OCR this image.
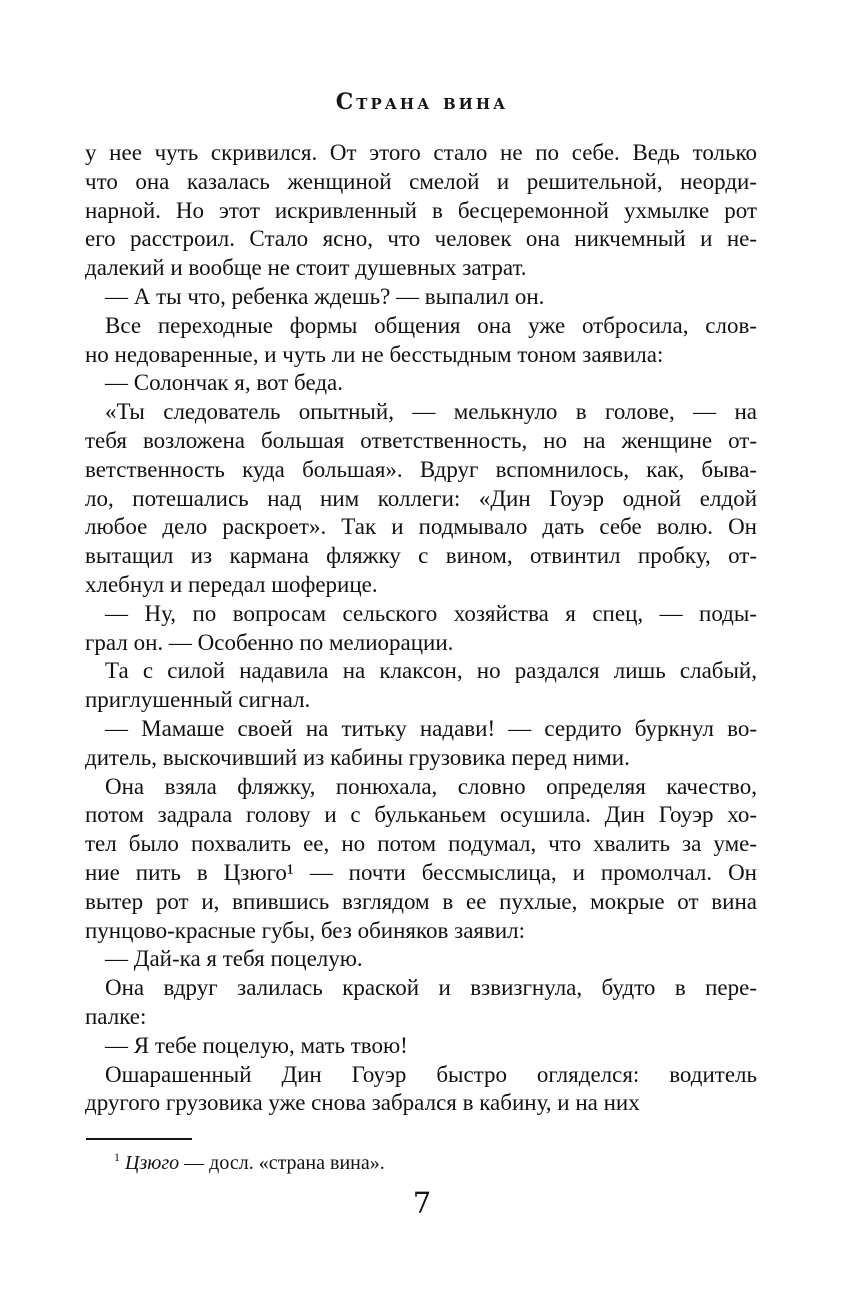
Страна вина
у нее чуть скривился. От этого стало не по себе. Ведь только
что она казалась женщиной смелой и решительной, неорди-
нарной. Но этот искривленный в бесцеремонной ухмылке рот
его расстроил. Стало ясно, что человек она никчемный и не-
далекий и вообще не стоит душевных затрат.
— А ты что, ребенка ждешь? — выпалил он.
Все переходные формы общения она уже отбросила, слов-
но недоваренные, и чуть ли не бесстыдным тоном заявила:
— Солончак я, вот беда.
«Ты следователь опытный, — мелькнуло в голове, — на
тебя возложена большая ответственность, но на женщине от-
ветственность куда большая». Вдруг вспомнилось, как, быва-
ло, потешались над ним коллеги: «Дин Гоуэр одной елдой
любое дело раскроет». Так и подмывало дать себе волю. Он
вытащил из кармана фляжку с вином, отвинтил пробку, от-
хлебнул и передал шоферице.
— Ну, по вопросам сельского хозяйства я спец, — поды-
грал он. — Особенно по мелиорации.
Та с силой надавила на клаксон, но раздался лишь слабый,
приглушенный сигнал.
— Мамаше своей на титьку надави! — сердито буркнул во-
дитель, выскочивший из кабины грузовика перед ними.
Она взяла фляжку, понюхала, словно определяя качество,
потом задрала голову и с бульканьем осушила. Дин Гоуэр хо-
тел было похвалить ее, но потом подумал, что хвалить за уме-
ние пить в Цзюго¹ — почти бессмыслица, и промолчал. Он
вытер рот и, впившись взглядом в ее пухлые, мокрые от вина
пунцово-красные губы, без обиняков заявил:
— Дай-ка я тебя поцелую.
Она вдруг залилась краской и взвизгнула, будто в пере-
палке:
— Я тебе поцелую, мать твою!
Ошарашенный Дин Гоуэр быстро огляделся: водитель
другого грузовика уже снова забрался в кабину, и на них
$^1$ Цзюго — досл. «страна вина».
7
